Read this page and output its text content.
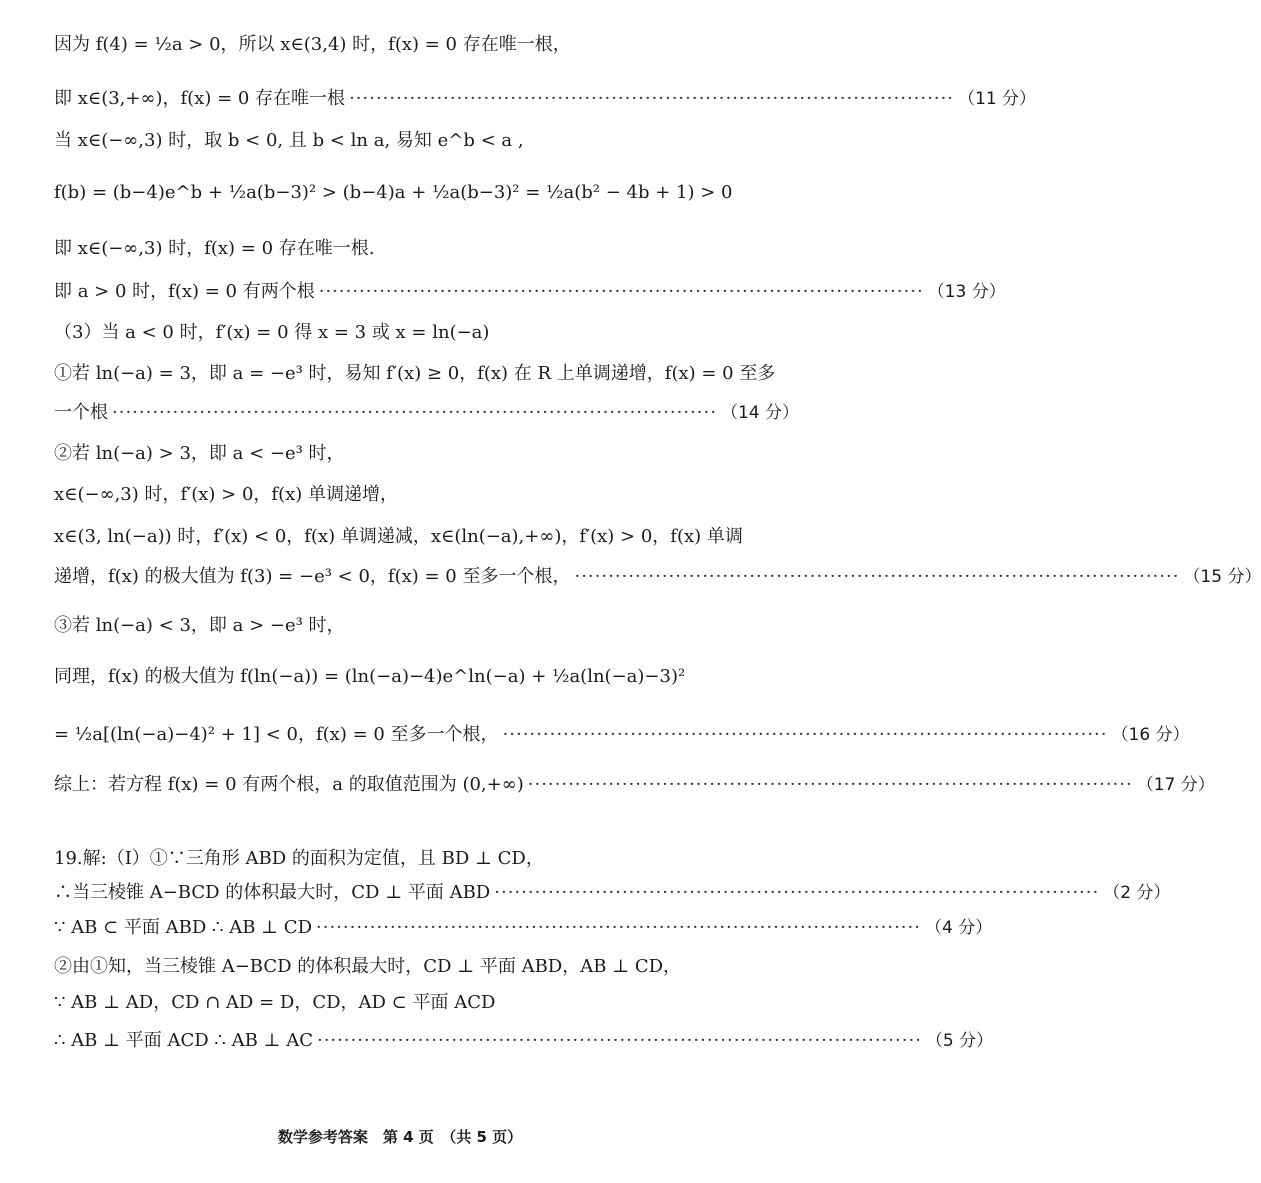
因为 f(4) = ½a > 0，所以 x∈(3,4) 时，f(x) = 0 存在唯一根，
即 x∈(3,+∞)，f(x) = 0 存在唯一根 ·························································································· （11 分）
当 x∈(−∞,3) 时，取 b < 0, 且 b < ln a, 易知 e^b < a ,
f(b) = (b−4)e^b + ½a(b−3)² > (b−4)a + ½a(b−3)² = ½a(b² − 4b + 1) > 0
即 x∈(−∞,3) 时，f(x) = 0 存在唯一根.
即 a > 0 时，f(x) = 0 有两个根 ·························································································· （13 分）
（3）当 a < 0 时，f′(x) = 0 得 x = 3 或 x = ln(−a)
①若 ln(−a) = 3，即 a = −e³ 时，易知 f′(x) ≥ 0，f(x) 在 R 上单调递增，f(x) = 0 至多
一个根 ·························································································· （14 分）
②若 ln(−a) > 3，即 a < −e³ 时，
x∈(−∞,3) 时，f′(x) > 0，f(x) 单调递增，
x∈(3, ln(−a)) 时，f′(x) < 0，f(x) 单调递减，x∈(ln(−a),+∞)，f′(x) > 0，f(x) 单调
递增，f(x) 的极大值为 f(3) = −e³ < 0，f(x) = 0 至多一个根， ·························································································· （15 分）
③若 ln(−a) < 3，即 a > −e³ 时，
同理，f(x) 的极大值为 f(ln(−a)) = (ln(−a)−4)e^ln(−a) + ½a(ln(−a)−3)²
= ½a[(ln(−a)−4)² + 1] < 0，f(x) = 0 至多一个根， ·························································································· （16 分）
综上：若方程 f(x) = 0 有两个根，a 的取值范围为 (0,+∞) ·························································································· （17 分）
19.解:（I）①∵三角形 ABD 的面积为定值，且 BD ⊥ CD，
∴当三棱锥 A−BCD 的体积最大时，CD ⊥ 平面 ABD ·························································································· （2 分）
∵ AB ⊂ 平面 ABD ∴ AB ⊥ CD ·························································································· （4 分）
②由①知，当三棱锥 A−BCD 的体积最大时，CD ⊥ 平面 ABD，AB ⊥ CD，
∵ AB ⊥ AD，CD ∩ AD = D，CD，AD ⊂ 平面 ACD
∴ AB ⊥ 平面 ACD ∴ AB ⊥ AC ·························································································· （5 分）
数学参考答案　第 4 页　（共 5 页）
